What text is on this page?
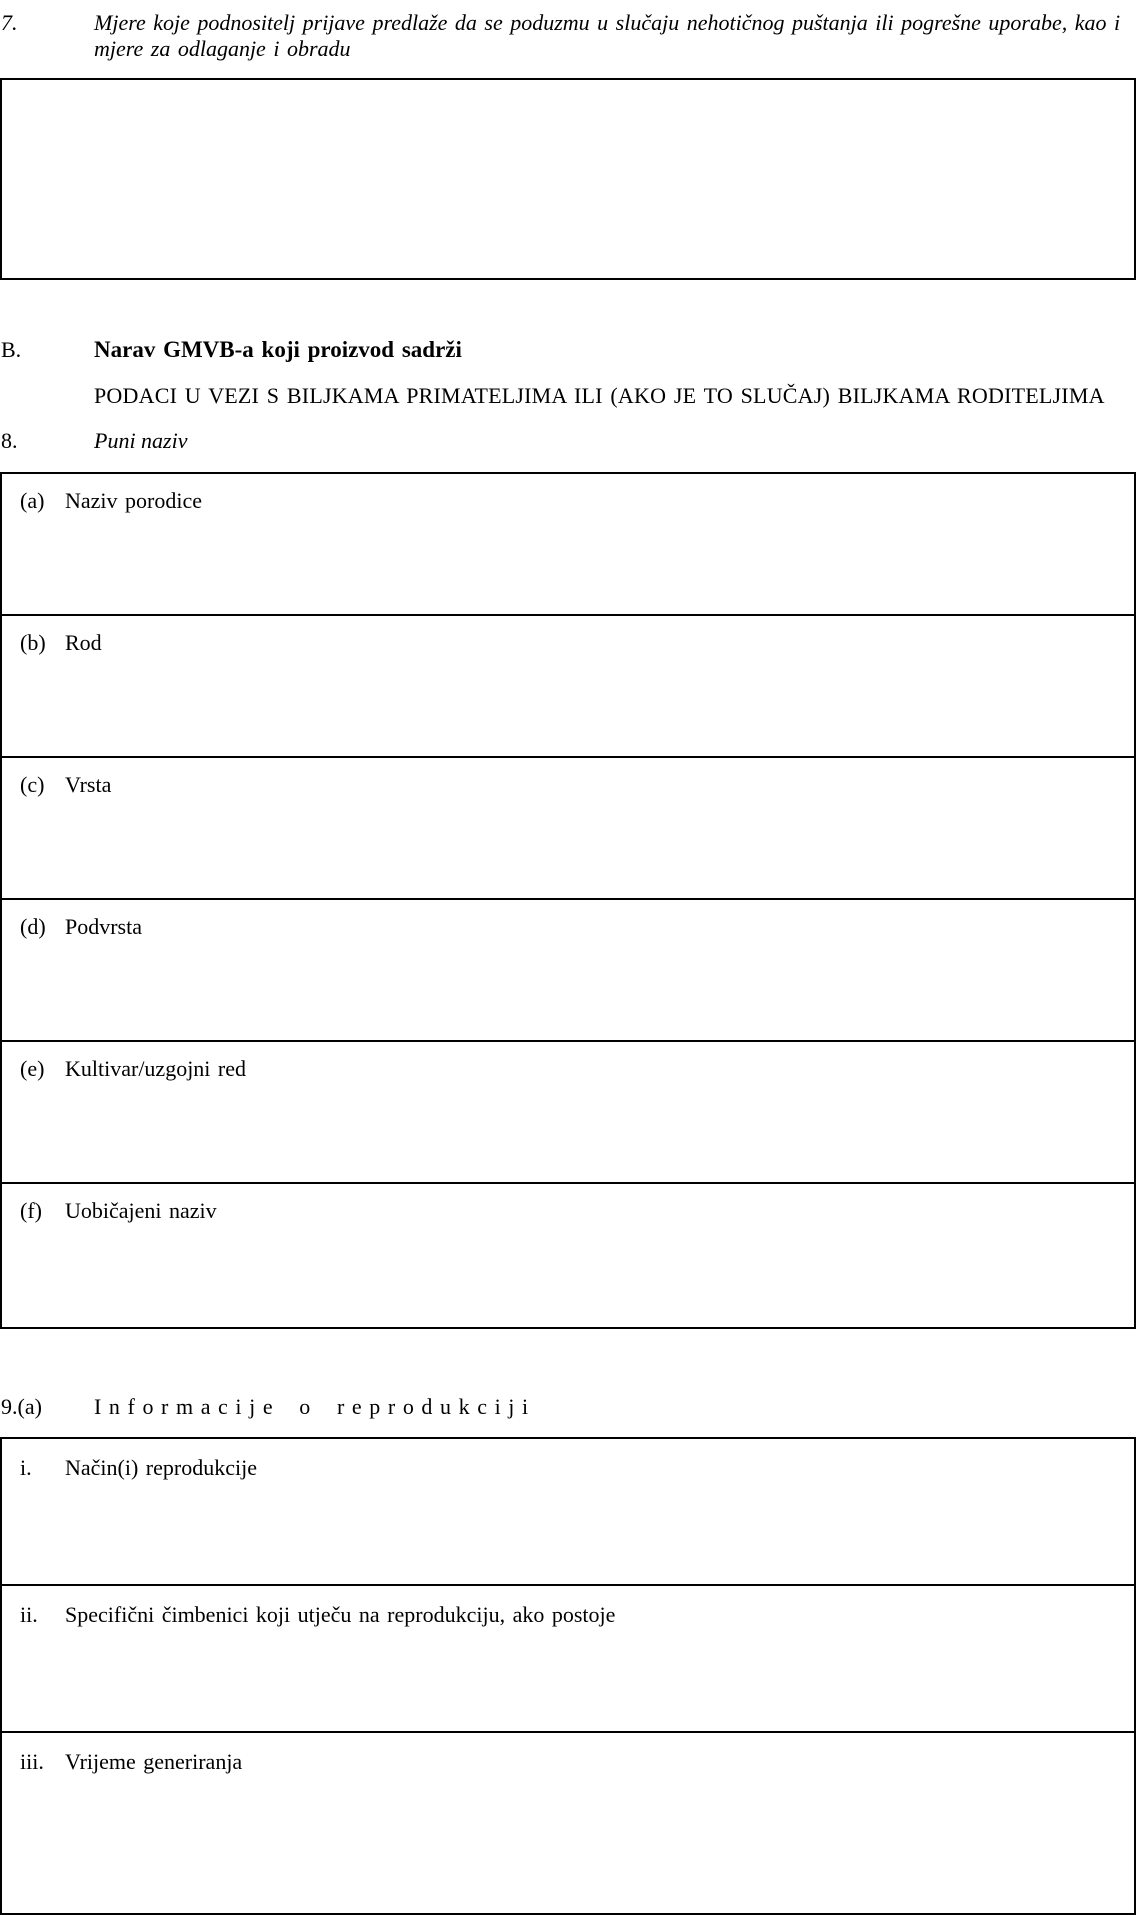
7.	Mjere koje podnositelj prijave predlaže da se poduzmu u slučaju nehotičnog puštanja ili pogrešne uporabe, kao i mjere za odlaganje i obradu
B.	Narav GMVB-a koji proizvod sadrži
PODACI U VEZI S BILJKAMA PRIMATELJIMA ILI (AKO JE TO SLUČAJ) BILJKAMA RODITELJIMA
8.	Puni naziv
(a) Naziv porodice
(b) Rod
(c) Vrsta
(d) Podvrsta
(e) Kultivar/uzgojni red
(f) Uobičajeni naziv
9.(a) Informacije o reprodukciji
i. Način(i) reprodukcije
ii. Specifični čimbenici koji utječu na reprodukciju, ako postoje
iii. Vrijeme generiranja
